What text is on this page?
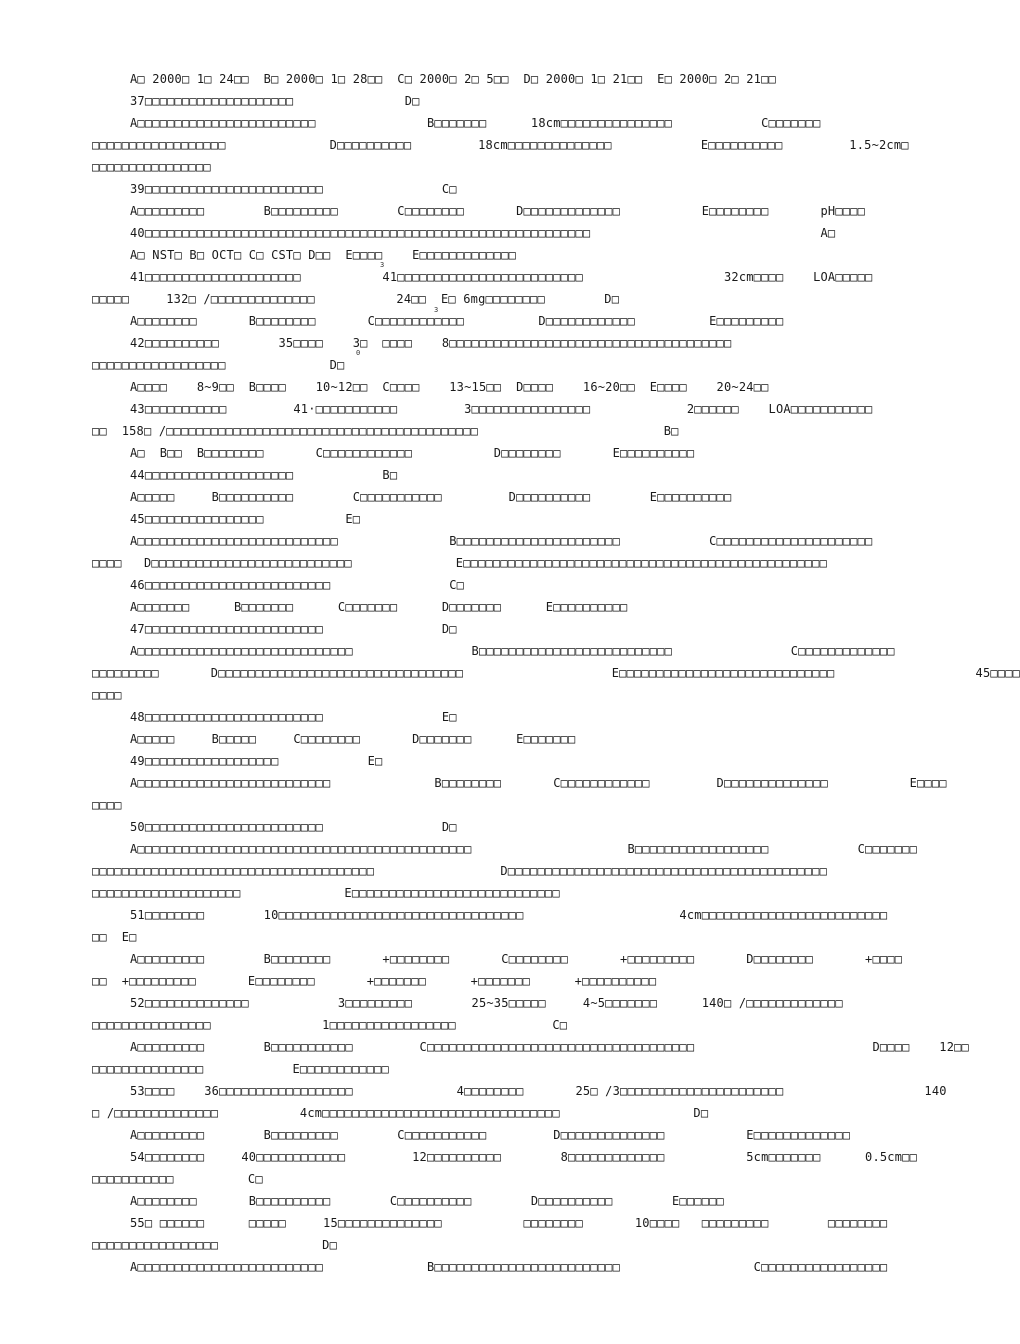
A□ 2000□ 1□ 24□□  B□ 2000□ 1□ 28□□  C□ 2000□ 2□ 5□□  D□ 2000□ 1□ 21□□  E□ 2000□ 2□ 21□□
37□□□□□□□□□□□□□□□□□□□□               D□
A□□□□□□□□□□□□□□□□□□□□□□□□               B□□□□□□□      18cm□□□□□□□□□□□□□□□            C□□□□□□□
□□□□□□□□□□□□□□□□□□              D□□□□□□□□□□         18cm□□□□□□□□□□□□□□            E□□□□□□□□□□         1.5~2cm□
□□□□□□□□□□□□□□□□
39□□□□□□□□□□□□□□□□□□□□□□□□                C□
A□□□□□□□□□        B□□□□□□□□□        C□□□□□□□□       D□□□□□□□□□□□□□           E□□□□□□□□       pH□□□□
40□□□□□□□□□□□□□□□□□□□□□□□□□□□□□□□□□□□□□□□□□□□□□□□□□□□□□□□□□□□□                               A□
A□ NST□ B□ OCT□ C□ CST□ D□□  E□□□□    E□□□□□□□□□□□□□
3
41□□□□□□□□□□□□□□□□□□□□□           41□□□□□□□□□□□□□□□□□□□□□□□□□                   32cm□□□□    LOA□□□□□
□□□□□     132□ /□□□□□□□□□□□□□□           24□□  E□ 6mg□□□□□□□□        D□
3
A□□□□□□□□       B□□□□□□□□       C□□□□□□□□□□□□          D□□□□□□□□□□□□          E□□□□□□□□□
42□□□□□□□□□□        35□□□□    3□  □□□□    8□□□□□□□□□□□□□□□□□□□□□□□□□□□□□□□□□□□□□□
0
□□□□□□□□□□□□□□□□□□              D□
A□□□□    8~9□□  B□□□□    10~12□□  C□□□□    13~15□□  D□□□□    16~20□□  E□□□□    20~24□□
43□□□□□□□□□□□         41·□□□□□□□□□□□         3□□□□□□□□□□□□□□□□             2□□□□□□    LOA□□□□□□□□□□□
□□  158□ /□□□□□□□□□□□□□□□□□□□□□□□□□□□□□□□□□□□□□□□□□□                         B□
A□  B□□  B□□□□□□□□       C□□□□□□□□□□□□           D□□□□□□□□       E□□□□□□□□□□
44□□□□□□□□□□□□□□□□□□□□            B□
A□□□□□     B□□□□□□□□□□        C□□□□□□□□□□□         D□□□□□□□□□□        E□□□□□□□□□□
45□□□□□□□□□□□□□□□□           E□
A□□□□□□□□□□□□□□□□□□□□□□□□□□□               B□□□□□□□□□□□□□□□□□□□□□□            C□□□□□□□□□□□□□□□□□□□□□
□□□□   D□□□□□□□□□□□□□□□□□□□□□□□□□□□              E□□□□□□□□□□□□□□□□□□□□□□□□□□□□□□□□□□□□□□□□□□□□□□□□□
46□□□□□□□□□□□□□□□□□□□□□□□□□                C□
A□□□□□□□      B□□□□□□□      C□□□□□□□      D□□□□□□□      E□□□□□□□□□□
47□□□□□□□□□□□□□□□□□□□□□□□□                D□
A□□□□□□□□□□□□□□□□□□□□□□□□□□□□□                B□□□□□□□□□□□□□□□□□□□□□□□□□□                C□□□□□□□□□□□□□
□□□□□□□□□       D□□□□□□□□□□□□□□□□□□□□□□□□□□□□□□□□□                    E□□□□□□□□□□□□□□□□□□□□□□□□□□□□□                   45□□□□
□□□□
48□□□□□□□□□□□□□□□□□□□□□□□□                E□
A□□□□□     B□□□□□     C□□□□□□□□       D□□□□□□□      E□□□□□□□
49□□□□□□□□□□□□□□□□□□            E□
A□□□□□□□□□□□□□□□□□□□□□□□□□□              B□□□□□□□□       C□□□□□□□□□□□□         D□□□□□□□□□□□□□□           E□□□□
□□□□
50□□□□□□□□□□□□□□□□□□□□□□□□                D□
A□□□□□□□□□□□□□□□□□□□□□□□□□□□□□□□□□□□□□□□□□□□□□                     B□□□□□□□□□□□□□□□□□□            C□□□□□□□
□□□□□□□□□□□□□□□□□□□□□□□□□□□□□□□□□□□□□□                 D□□□□□□□□□□□□□□□□□□□□□□□□□□□□□□□□□□□□□□□□□□□
□□□□□□□□□□□□□□□□□□□□              E□□□□□□□□□□□□□□□□□□□□□□□□□□□□
51□□□□□□□□        10□□□□□□□□□□□□□□□□□□□□□□□□□□□□□□□□□                     4cm□□□□□□□□□□□□□□□□□□□□□□□□□
□□  E□
A□□□□□□□□□        B□□□□□□□□       +□□□□□□□□       C□□□□□□□□       +□□□□□□□□□       D□□□□□□□□       +□□□□
□□  +□□□□□□□□□       E□□□□□□□□       +□□□□□□□      +□□□□□□□      +□□□□□□□□□□
52□□□□□□□□□□□□□□            3□□□□□□□□□        25~35□□□□□     4~5□□□□□□□      140□ /□□□□□□□□□□□□□
□□□□□□□□□□□□□□□□               1□□□□□□□□□□□□□□□□□             C□
A□□□□□□□□□        B□□□□□□□□□□□         C□□□□□□□□□□□□□□□□□□□□□□□□□□□□□□□□□□□□                        D□□□□    12□□
□□□□□□□□□□□□□□□            E□□□□□□□□□□□□
53□□□□    36□□□□□□□□□□□□□□□□□□              4□□□□□□□□       25□ /3□□□□□□□□□□□□□□□□□□□□□□                   140
□ /□□□□□□□□□□□□□□           4cm□□□□□□□□□□□□□□□□□□□□□□□□□□□□□□□□                  D□
A□□□□□□□□□        B□□□□□□□□□        C□□□□□□□□□□□         D□□□□□□□□□□□□□□           E□□□□□□□□□□□□□
54□□□□□□□□     40□□□□□□□□□□□□         12□□□□□□□□□□        8□□□□□□□□□□□□□           5cm□□□□□□□      0.5cm□□
□□□□□□□□□□□          C□
A□□□□□□□□       B□□□□□□□□□□        C□□□□□□□□□□        D□□□□□□□□□□        E□□□□□□
55□ □□□□□□      □□□□□     15□□□□□□□□□□□□□□           □□□□□□□□       10□□□□   □□□□□□□□□        □□□□□□□□
□□□□□□□□□□□□□□□□□              D□
A□□□□□□□□□□□□□□□□□□□□□□□□□              B□□□□□□□□□□□□□□□□□□□□□□□□□                  C□□□□□□□□□□□□□□□□□
